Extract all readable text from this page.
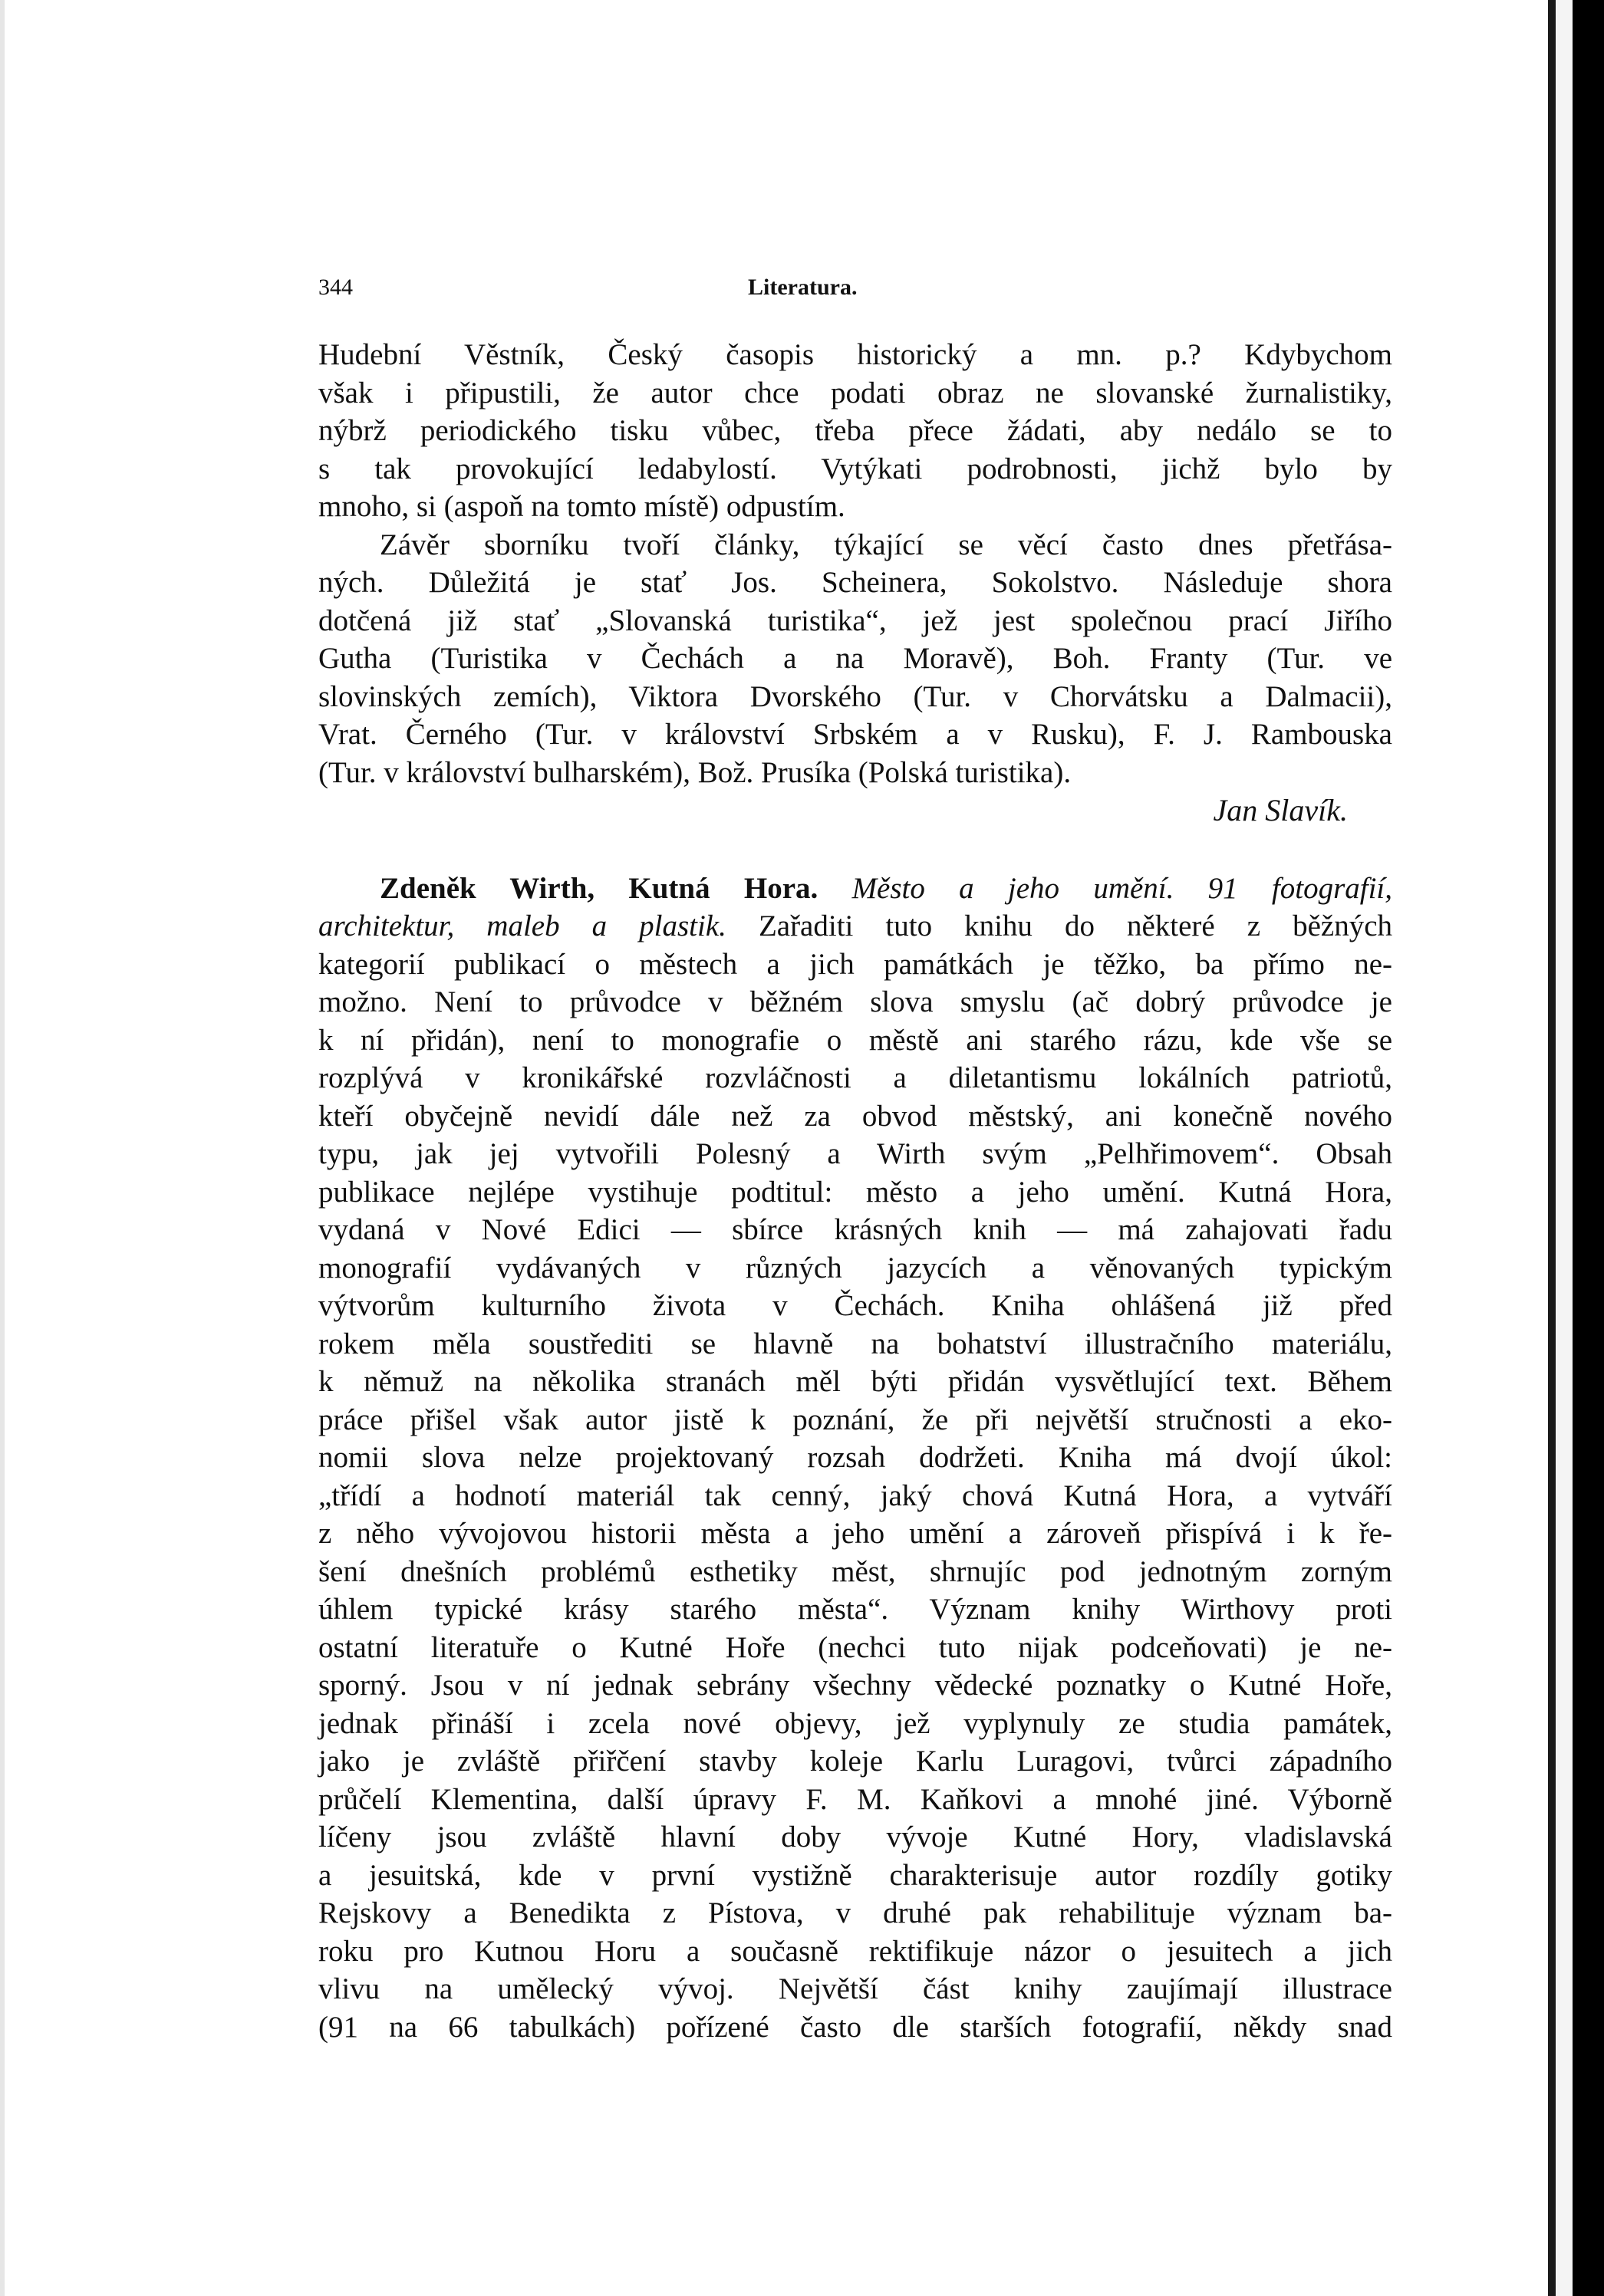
344	Literatura.
Hudební Věstník, Český časopis historický a mn. p.? Kdybychom
však i připustili, že autor chce podati obraz ne slovanské žurnalistiky,
nýbrž periodického tisku vůbec, třeba přece žádati, aby nedálo se to
s tak provokující ledabylostí. Vytýkati podrobnosti, jichž bylo by
mnoho, si (aspoň na tomto místě) odpustím.
Závěr sborníku tvoří články, týkající se věcí často dnes přetřása-
ných. Důležitá je stať Jos. Scheinera, Sokolstvo. Následuje shora
dotčená již stať „Slovanská turistika“, jež jest společnou prací Jiřího
Gutha (Turistika v Čechách a na Moravě), Boh. Franty (Tur. ve
slovinských zemích), Viktora Dvorského (Tur. v Chorvátsku a Dalmacii),
Vrat. Černého (Tur. v království Srbském a v Rusku), F. J. Rambouska
(Tur. v království bulharském), Bož. Prusíka (Polská turistika).
Jan Slavík.
Zdeněk Wirth, Kutná Hora. Město a jeho umění. 91 fotografií,
architektur, maleb a plastik. Zařaditi tuto knihu do některé z běžných
kategorií publikací o městech a jich památkách je těžko, ba přímo ne-
možno. Není to průvodce v běžném slova smyslu (ač dobrý průvodce je
k ní přidán), není to monografie o městě ani starého rázu, kde vše se
rozplývá v kronikářské rozvláčnosti a diletantismu lokálních patriotů,
kteří obyčejně nevidí dále než za obvod městský, ani konečně nového
typu, jak jej vytvořili Polesný a Wirth svým „Pelhřimovem“. Obsah
publikace nejlépe vystihuje podtitul: město a jeho umění. Kutná Hora,
vydaná v Nové Edici — sbírce krásných knih — má zahajovati řadu
monografií vydávaných v různých jazycích a věnovaných typickým
výtvorům kulturního života v Čechách. Kniha ohlášená již před
rokem měla soustřediti se hlavně na bohatství illustračního materiálu,
k němuž na několika stranách měl býti přidán vysvětlující text. Během
práce přišel však autor jistě k poznání, že při největší stručnosti a eko-
nomii slova nelze projektovaný rozsah dodržeti. Kniha má dvojí úkol:
„třídí a hodnotí materiál tak cenný, jaký chová Kutná Hora, a vytváří
z něho vývojovou historii města a jeho umění a zároveň přispívá i k ře-
šení dnešních problémů esthetiky měst, shrnujíc pod jednotným zorným
úhlem typické krásy starého města“. Význam knihy Wirthovy proti
ostatní literatuře o Kutné Hoře (nechci tuto nijak podceňovati) je ne-
sporný. Jsou v ní jednak sebrány všechny vědecké poznatky o Kutné Hoře,
jednak přináší i zcela nové objevy, jež vyplynuly ze studia památek,
jako je zvláště přiřčení stavby koleje Karlu Luragovi, tvůrci západního
průčelí Klementina, další úpravy F. M. Kaňkovi a mnohé jiné. Výborně
líčeny jsou zvláště hlavní doby vývoje Kutné Hory, vladislavská
a jesuitská, kde v první vystižně charakterisuje autor rozdíly gotiky
Rejskovy a Benedikta z Pístova, v druhé pak rehabilituje význam ba-
roku pro Kutnou Horu a současně rektifikuje názor o jesuitech a jich
vlivu na umělecký vývoj. Největší část knihy zaujímají illustrace
(91 na 66 tabulkách) pořízené často dle starších fotografií, někdy snad
